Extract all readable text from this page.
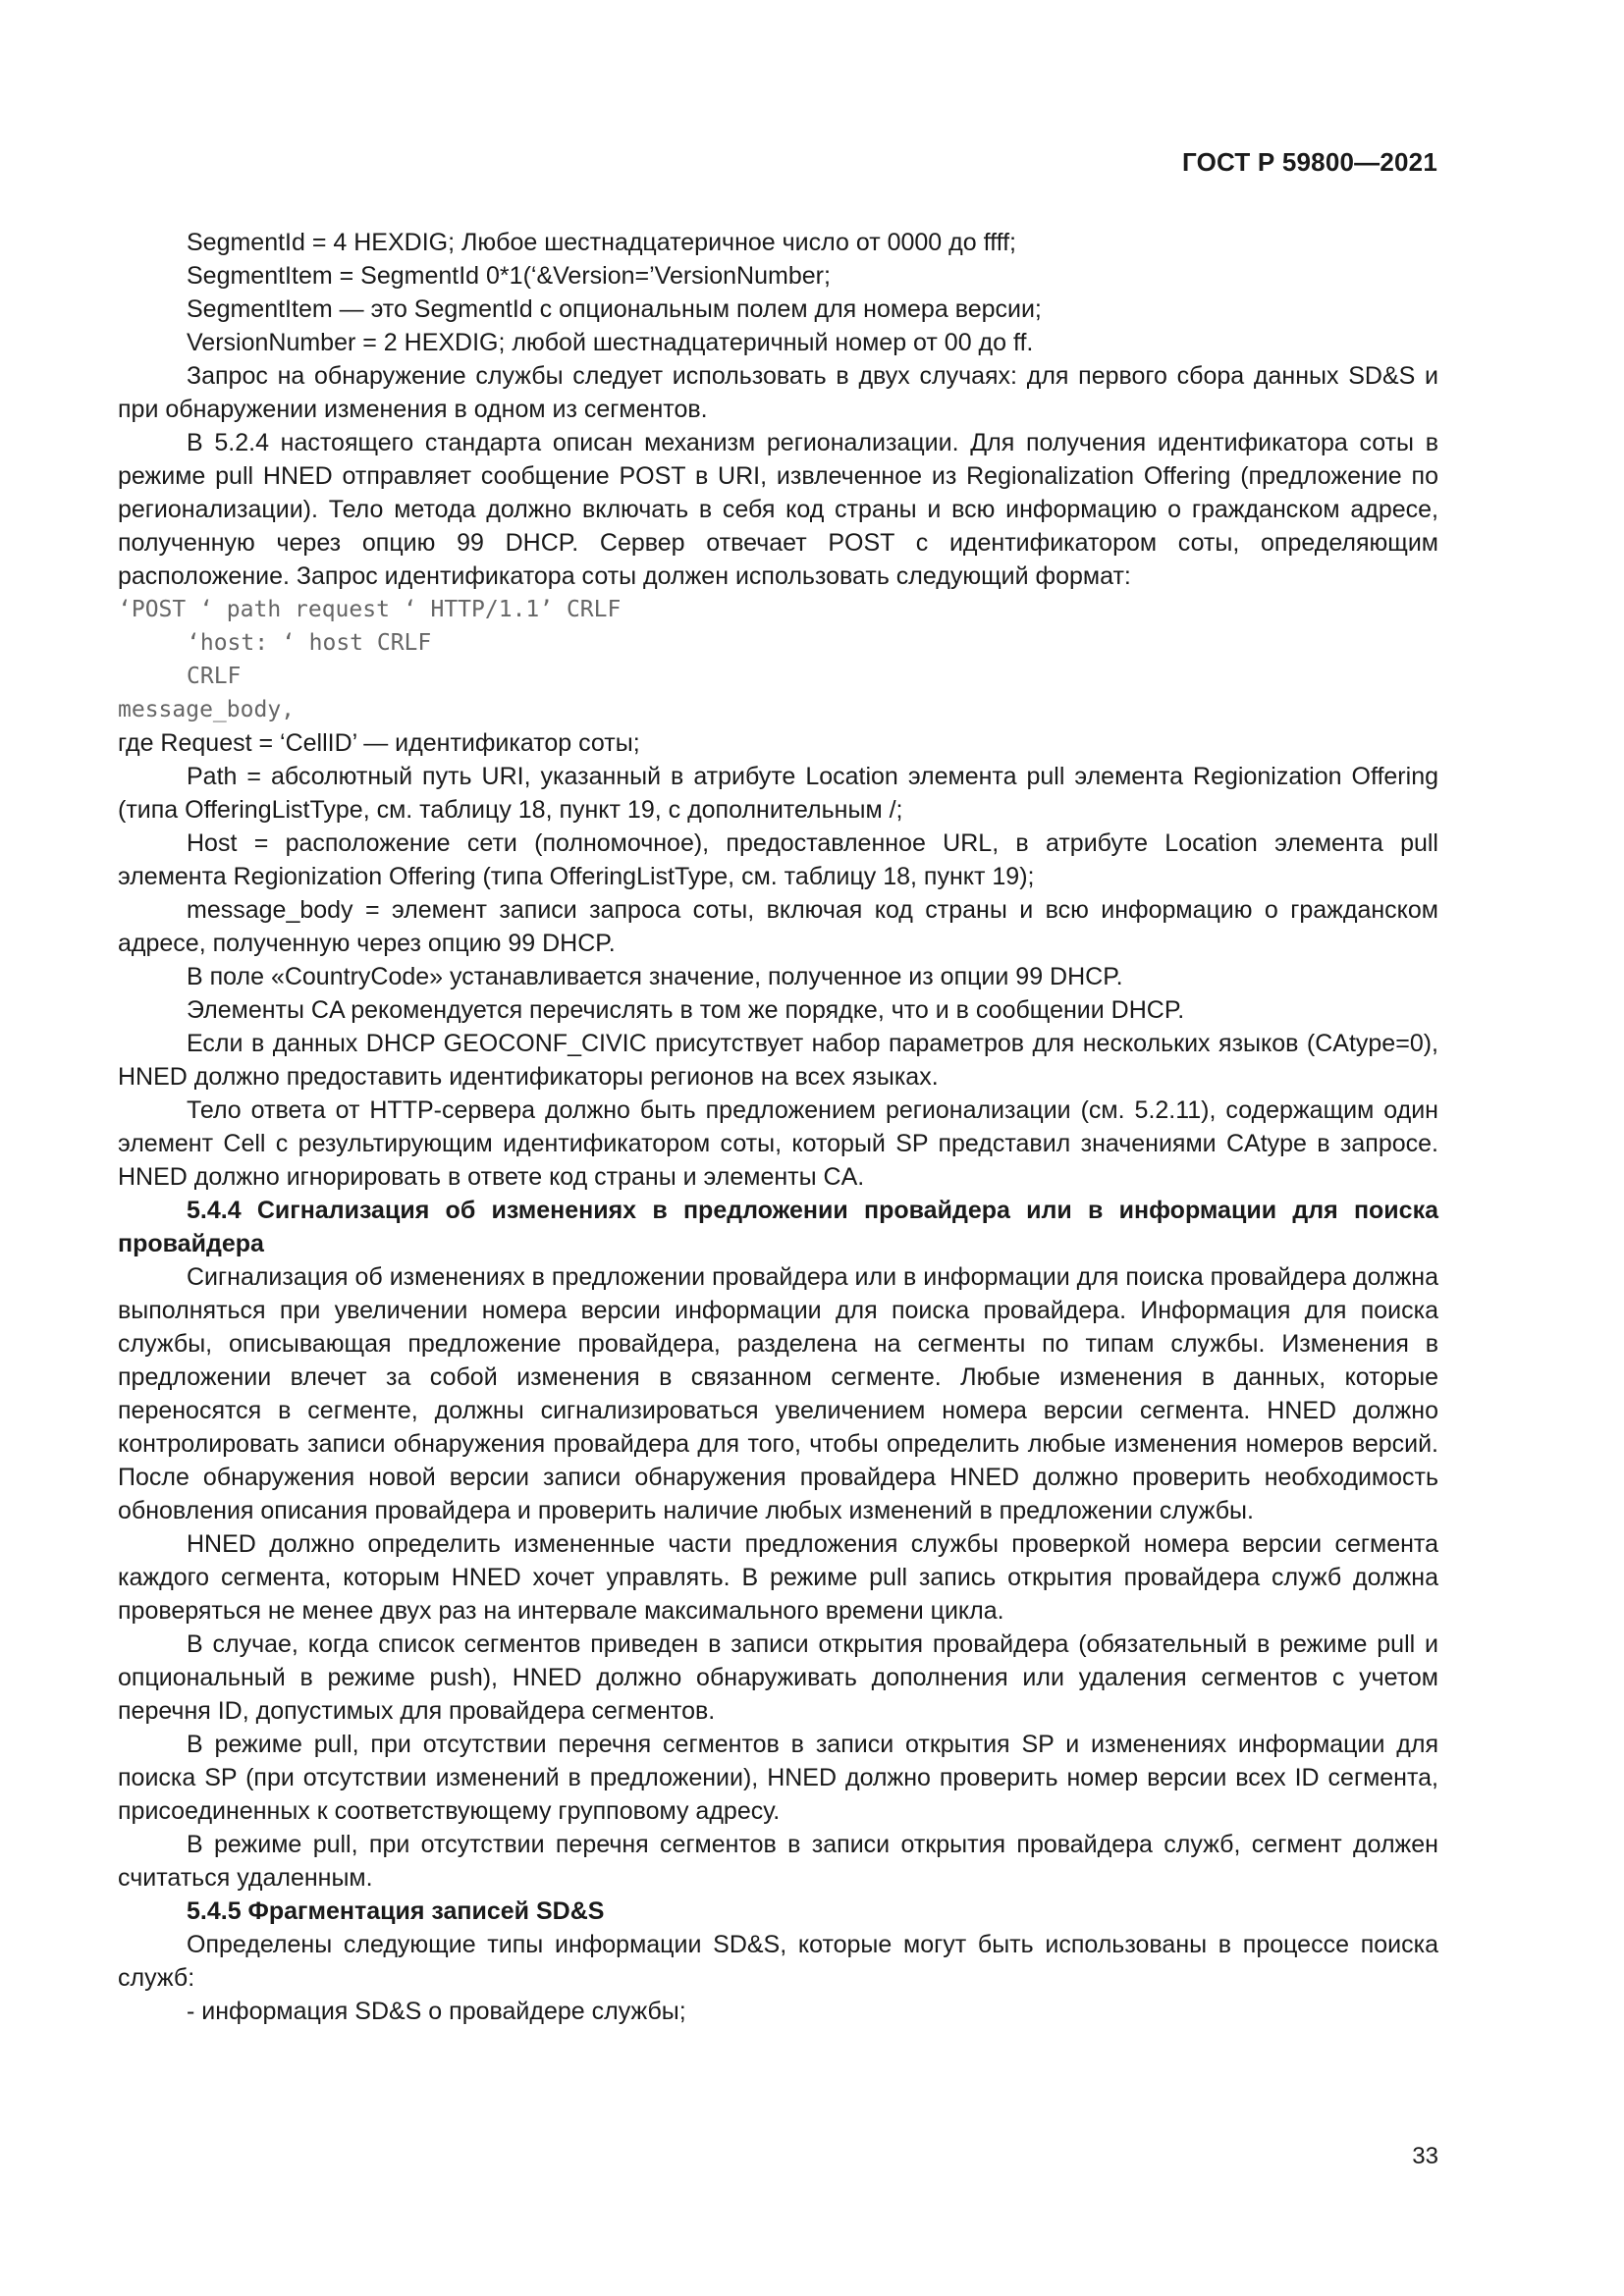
ГОСТ Р 59800—2021

SegmentId = 4 HEXDIG; Любое шестнадцатеричное число от 0000 до ffff;

SegmentItem = SegmentId 0*1(‘&Version=’VersionNumber;

SegmentItem — это SegmentId с опциональным полем для номера версии;

VersionNumber = 2 HEXDIG; любой шестнадцатеричный номер от 00 до ff.

Запрос на обнаружение службы следует использовать в двух случаях: для первого сбора данных SD&S и при обнаружении изменения в одном из сегментов.

В 5.2.4 настоящего стандарта описан механизм регионализации. Для получения идентификатора соты в режиме pull HNED отправляет сообщение POST в URI, извлеченное из Regionalization Offering (предложение по регионализации). Тело метода должно включать в себя код страны и всю информацию о гражданском адресе, полученную через опцию 99 DHCP. Сервер отвечает POST с идентификатором соты, определяющим расположение. Запрос идентификатора соты должен использовать следующий формат:

‘POST ‘ path request ‘ HTTP/1.1’ CRLF

‘host: ‘ host CRLF

CRLF

message_body,

где Request = ‘CellID’ — идентификатор соты;

Path = абсолютный путь URI, указанный в атрибуте Location элемента pull элемента Regionization Offering (типа OfferingListType, см. таблицу 18, пункт 19, с дополнительным /;

Host = расположение сети (полномочное), предоставленное URL, в атрибуте Location элемента pull элемента Regionization Offering (типа OfferingListType, см. таблицу 18, пункт 19);

message_body = элемент записи запроса соты, включая код страны и всю информацию о гражданском адресе, полученную через опцию 99 DHCP.

В поле «CountryCode» устанавливается значение, полученное из опции 99 DHCP.

Элементы CA рекомендуется перечислять в том же порядке, что и в сообщении DHCP.

Если в данных DHCP GEOCONF_CIVIC присутствует набор параметров для нескольких языков (CAtype=0), HNED должно предоставить идентификаторы регионов на всех языках.

Тело ответа от HTTP-сервера должно быть предложением регионализации (см. 5.2.11), содержащим один элемент Cell с результирующим идентификатором соты, который SP представил значениями CAtype в запросе. HNED должно игнорировать в ответе код страны и элементы CA.

5.4.4 Сигнализация об изменениях в предложении провайдера или в информации для поиска провайдера

Сигнализация об изменениях в предложении провайдера или в информации для поиска провайдера должна выполняться при увеличении номера версии информации для поиска провайдера. Информация для поиска службы, описывающая предложение провайдера, разделена на сегменты по типам службы. Изменения в предложении влечет за собой изменения в связанном сегменте. Любые изменения в данных, которые переносятся в сегменте, должны сигнализироваться увеличением номера версии сегмента. HNED должно контролировать записи обнаружения провайдера для того, чтобы определить любые изменения номеров версий. После обнаружения новой версии записи обнаружения провайдера HNED должно проверить необходимость обновления описания провайдера и проверить наличие любых изменений в предложении службы.

HNED должно определить измененные части предложения службы проверкой номера версии сегмента каждого сегмента, которым HNED хочет управлять. В режиме pull запись открытия провайдера служб должна проверяться не менее двух раз на интервале максимального времени цикла.

В случае, когда список сегментов приведен в записи открытия провайдера (обязательный в режиме pull и опциональный в режиме push), HNED должно обнаруживать дополнения или удаления сегментов с учетом перечня ID, допустимых для провайдера сегментов.

В режиме pull, при отсутствии перечня сегментов в записи открытия SP и изменениях информации для поиска SP (при отсутствии изменений в предложении), HNED должно проверить номер версии всех ID сегмента, присоединенных к соответствующему групповому адресу.

В режиме pull, при отсутствии перечня сегментов в записи открытия провайдера служб, сегмент должен считаться удаленным.

5.4.5 Фрагментация записей SD&S

Определены следующие типы информации SD&S, которые могут быть использованы в процессе поиска служб:

- информация SD&S о провайдере службы;

33
